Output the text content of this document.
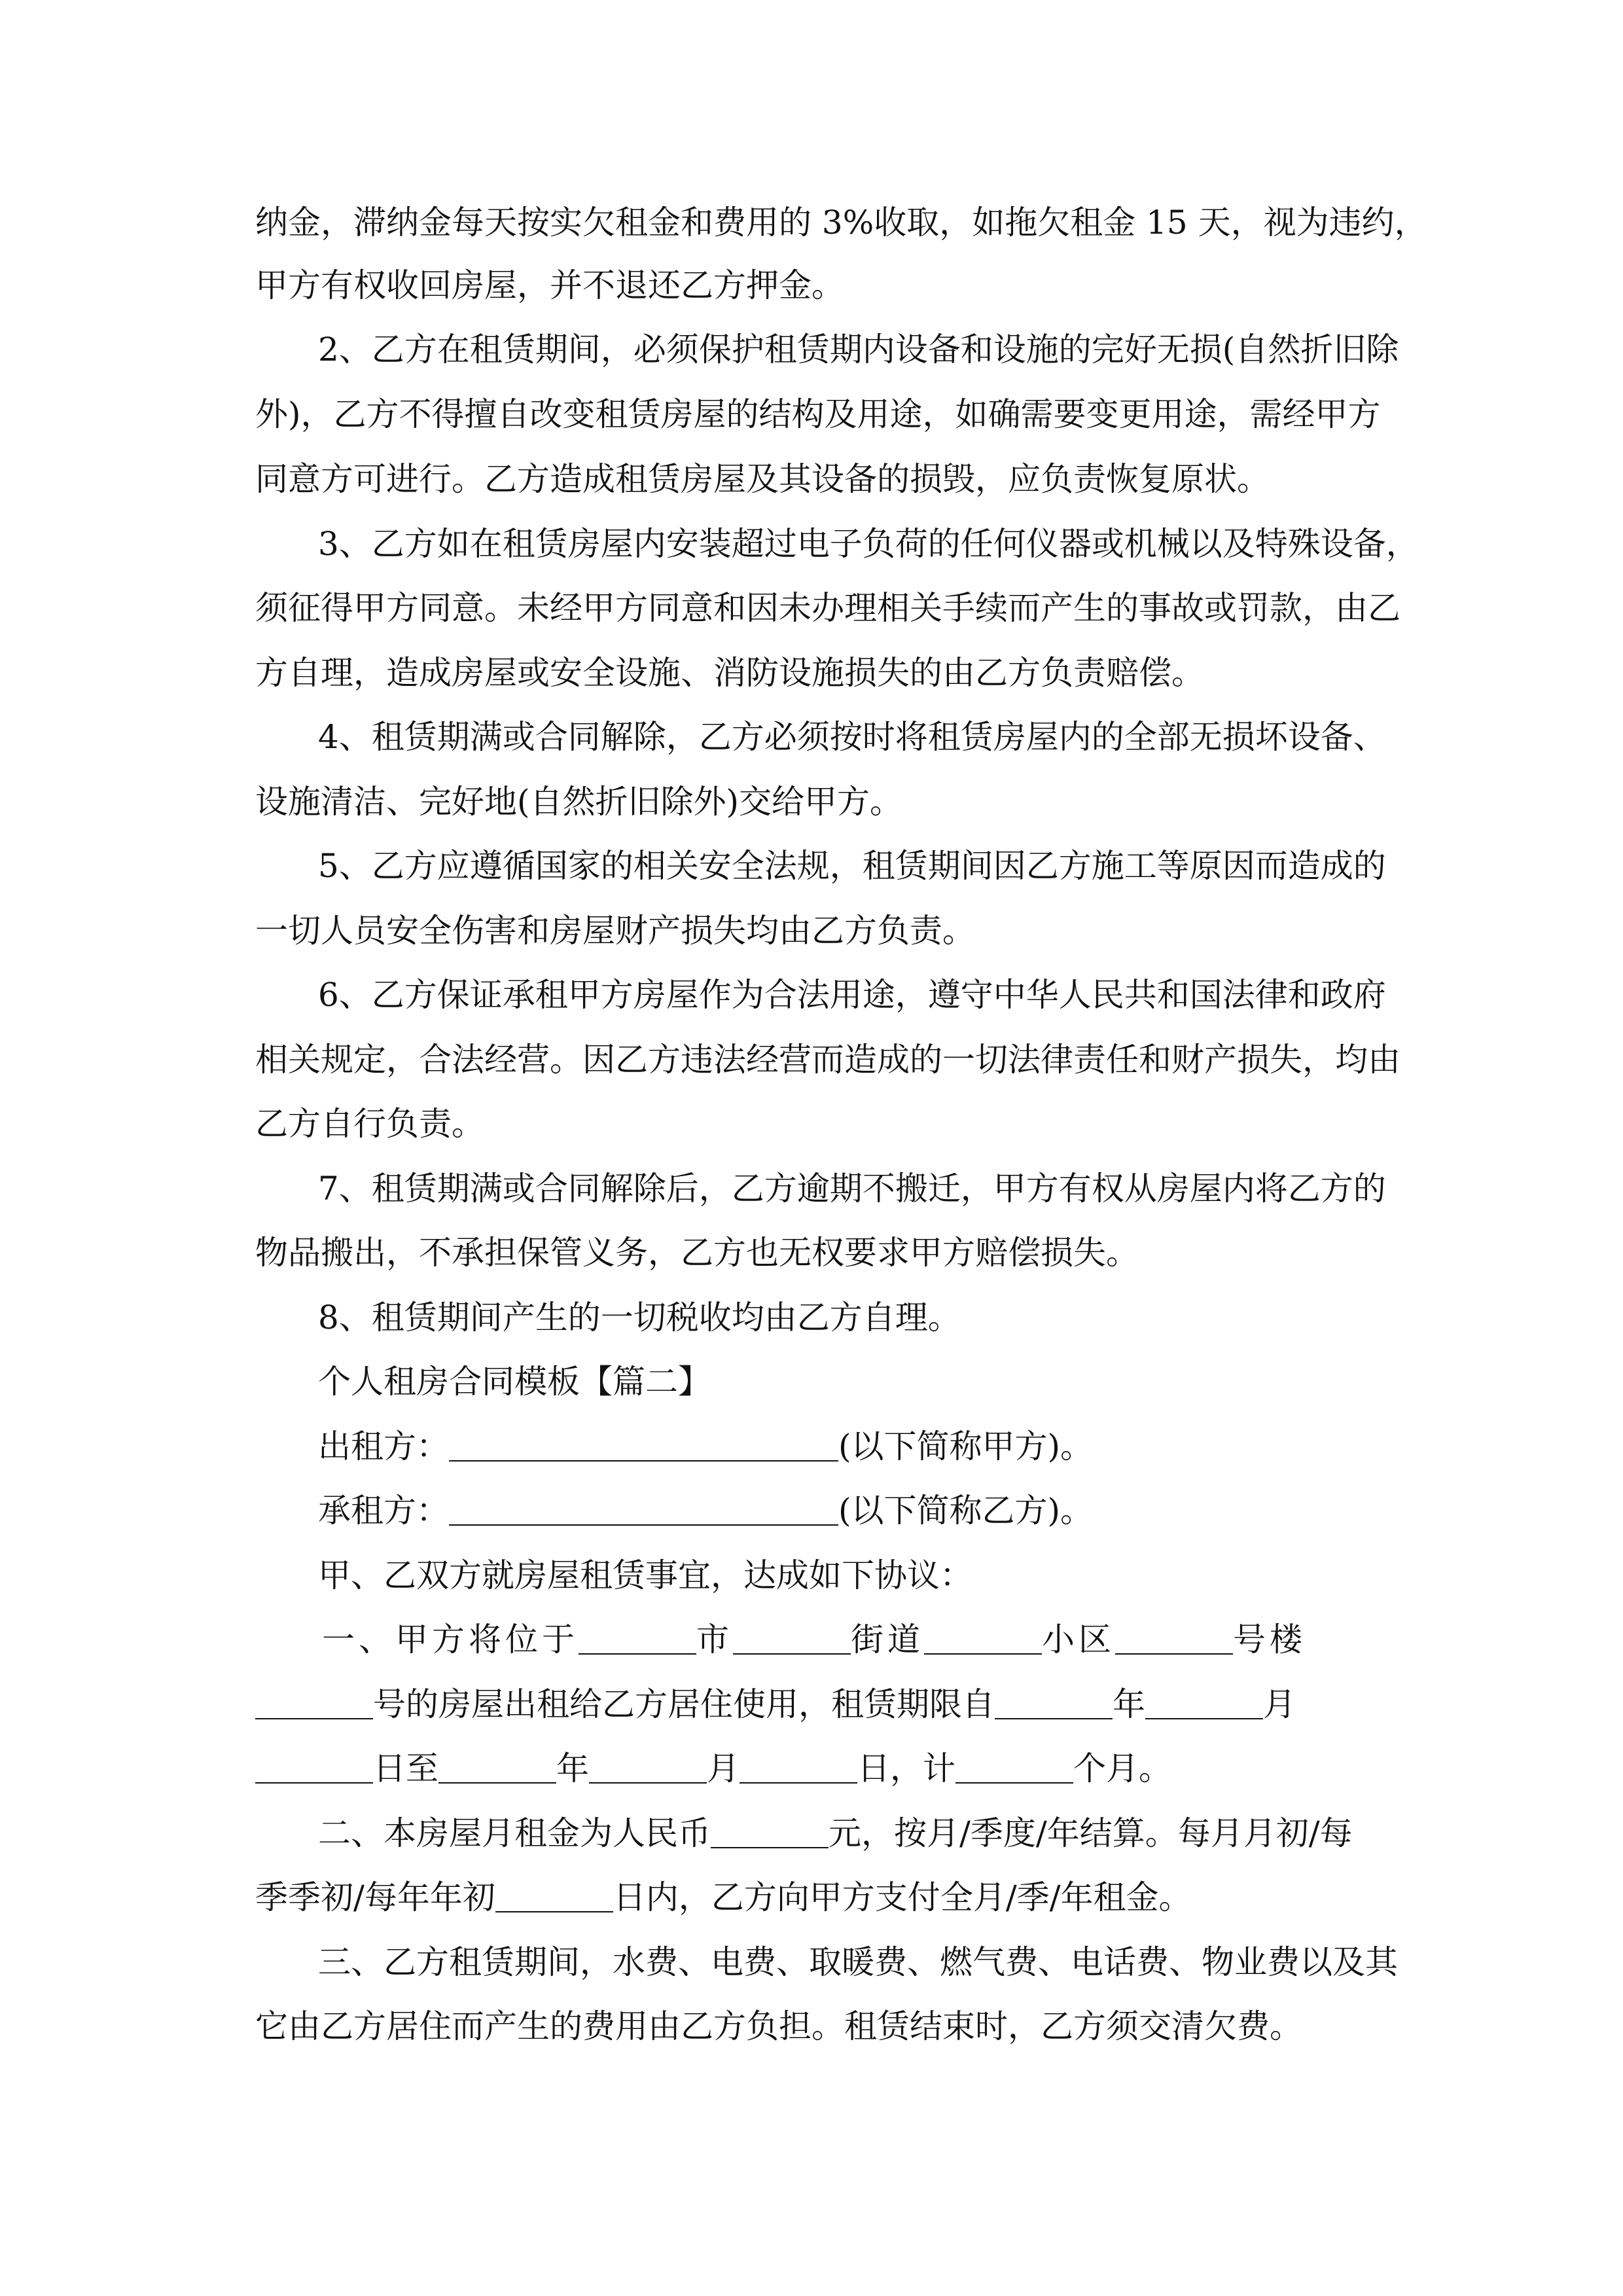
纳金，滞纳金每天按实欠租金和费用的 3%收取，如拖欠租金 15 天，视为违约，
甲方有权收回房屋，并不退还乙方押金。
2、乙方在租赁期间，必须保护租赁期内设备和设施的完好无损(自然折旧除
外)，乙方不得擅自改变租赁房屋的结构及用途，如确需要变更用途，需经甲方
同意方可进行。乙方造成租赁房屋及其设备的损毁，应负责恢复原状。
3、乙方如在租赁房屋内安装超过电子负荷的任何仪器或机械以及特殊设备，
须征得甲方同意。未经甲方同意和因未办理相关手续而产生的事故或罚款，由乙
方自理，造成房屋或安全设施、消防设施损失的由乙方负责赔偿。
4、租赁期满或合同解除，乙方必须按时将租赁房屋内的全部无损坏设备、
设施清洁、完好地(自然折旧除外)交给甲方。
5、乙方应遵循国家的相关安全法规，租赁期间因乙方施工等原因而造成的
一切人员安全伤害和房屋财产损失均由乙方负责。
6、乙方保证承租甲方房屋作为合法用途，遵守中华人民共和国法律和政府
相关规定，合法经营。因乙方违法经营而造成的一切法律责任和财产损失，均由
乙方自行负责。
7、租赁期满或合同解除后，乙方逾期不搬迁，甲方有权从房屋内将乙方的
物品搬出，不承担保管义务，乙方也无权要求甲方赔偿损失。
8、租赁期间产生的一切税收均由乙方自理。
个人租房合同模板【篇二】
出租方：	(以下简称甲方)。
承租方：	(以下简称乙方)。
甲、乙双方就房屋租赁事宜，达成如下协议：
一、甲方将位于	市	街道	小区	号楼
号的房屋出租给乙方居住使用，租赁期限自	年	月
日至	年	月	日，计	个月。
二、本房屋月租金为人民币	元，按月/季度/年结算。每月月初/每
季季初/每年年初	日内，乙方向甲方支付全月/季/年租金。
三、乙方租赁期间，水费、电费、取暖费、燃气费、电话费、物业费以及其
它由乙方居住而产生的费用由乙方负担。租赁结束时，乙方须交清欠费。
